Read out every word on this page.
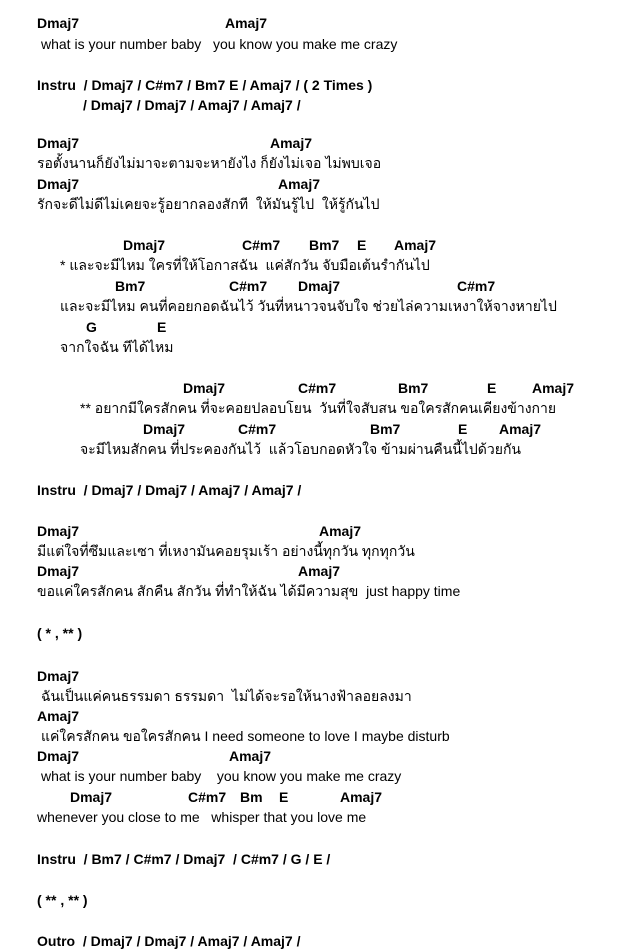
Dmaj7	Amaj7
what is your number baby   you know you make me crazy
Instru  / Dmaj7 / C#m7 / Bm7 E / Amaj7 / ( 2 Times )
/ Dmaj7 / Dmaj7 / Amaj7 / Amaj7 /
Dmaj7	Amaj7
รอตั้งนานก็ยังไม่มาจะตามจะหายังไง ก็ยังไม่เจอ ไม่พบเจอ
Dmaj7	Amaj7
รักจะดีไม่ดีไม่เคยจะรู้อยากลองสักที  ให้มันรู้ไป  ให้รู้กันไป
Dmaj7	C#m7 Bm7 E Amaj7
* และจะมีไหม ใครที่ให้โอกาสฉัน  แค่สักวัน จับมือเต้นรำกันไป
Bm7	C#m7 Dmaj7	C#m7
และจะมีไหม คนที่คอยกอดฉันไว้ วันที่หนาวจนจับใจ ช่วยไล่ความเหงาให้จางหายไป
G	E
จากใจฉัน ทีได้ไหม
Dmaj7	C#m7	Bm7	E	Amaj7
** อยากมีใครสักคน ที่จะคอยปลอบโยน  วันที่ใจสับสน ขอใครสักคนเคียงข้างกาย
Dmaj7	C#m7	Bm7	E Amaj7
จะมีไหมสักคน ที่ประคองกันไว้  แล้วโอบกอดหัวใจ ข้ามผ่านคืนนี้ไปด้วยกัน
Instru  / Dmaj7 / Dmaj7 / Amaj7 / Amaj7 /
Dmaj7	Amaj7
มีแต่ใจที่ซึมและเซา ที่เหงามันคอยรุมเร้า อย่างนี้ทุกวัน ทุกทุกวัน
Dmaj7	Amaj7
ขอแค่ใครสักคน สักคืน สักวัน ที่ทำให้ฉัน ได้มีความสุข  just happy time
( * , ** )
Dmaj7
ฉันเป็นแค่คนธรรมดา ธรรมดา  ไม่ได้จะรอให้นางฟ้าลอยลงมา
Amaj7
แค่ใครสักคน ขอใครสักคน I need someone to love I maybe disturb
Dmaj7	Amaj7
what is your number baby    you know you make me crazy
Dmaj7	C#m7 Bm E	Amaj7
whenever you close to me   whisper that you love me
Instru  / Bm7 / C#m7 / Dmaj7  / C#m7 / G / E /
( ** , ** )
Outro  / Dmaj7 / Dmaj7 / Amaj7 / Amaj7 /
